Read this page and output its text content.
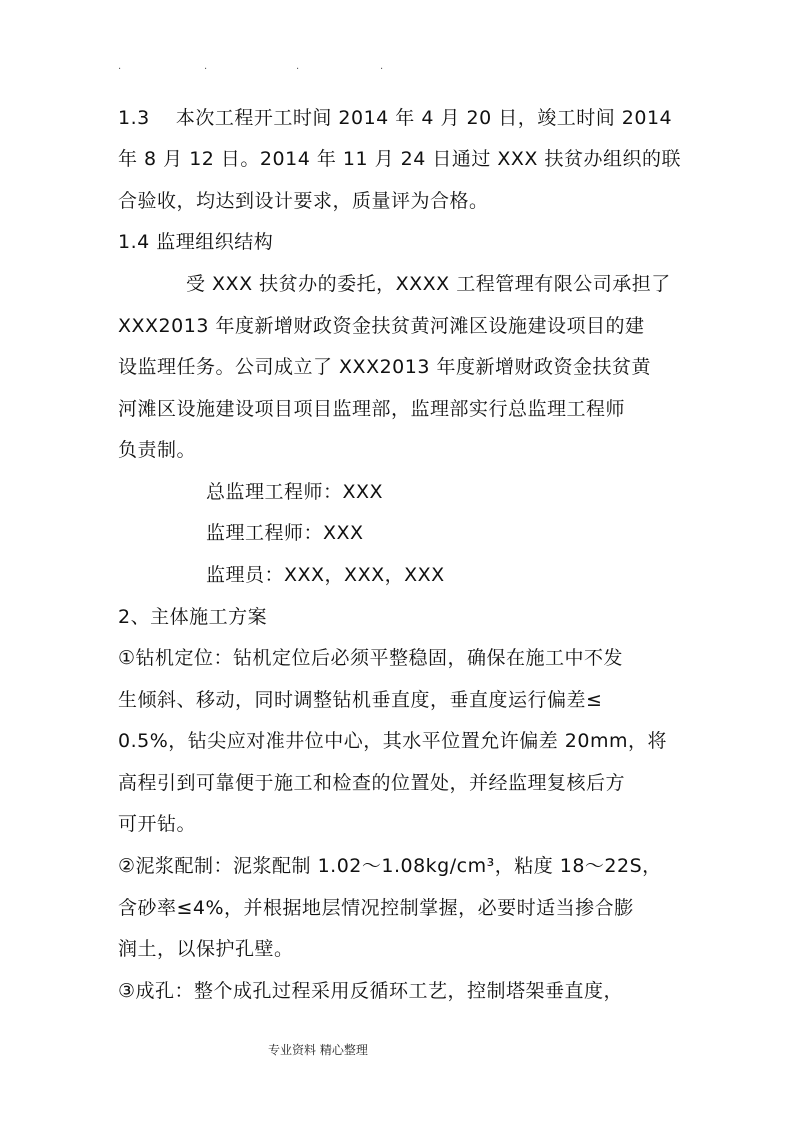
.	.	.	.
1.3    本次工程开工时间 2014 年 4 月 20 日，竣工时间 2014
年 8 月 12 日。2014 年 11 月 24 日通过 XXX 扶贫办组织的联
合验收，均达到设计要求，质量评为合格。
1.4 监理组织结构
受 XXX 扶贫办的委托，XXXX 工程管理有限公司承担了
XXX2013 年度新增财政资金扶贫黄河滩区设施建设项目的建
设监理任务。公司成立了 XXX2013 年度新增财政资金扶贫黄
河滩区设施建设项目项目监理部，监理部实行总监理工程师
负责制。
总监理工程师：XXX
监理工程师：XXX
监理员：XXX，XXX，XXX
2、主体施工方案
①钻机定位：钻机定位后必须平整稳固，确保在施工中不发
生倾斜、移动，同时调整钻机垂直度，垂直度运行偏差≤
0.5%，钻尖应对准井位中心，其水平位置允许偏差 20mm，将
高程引到可靠便于施工和检查的位置处，并经监理复核后方
可开钻。
②泥浆配制：泥浆配制 1.02～1.08kg/cm³，粘度 18～22S，
含砂率≤4%，并根据地层情况控制掌握，必要时适当掺合膨
润土，以保护孔壁。
③成孔：整个成孔过程采用反循环工艺，控制塔架垂直度，
专业资料 精心整理
